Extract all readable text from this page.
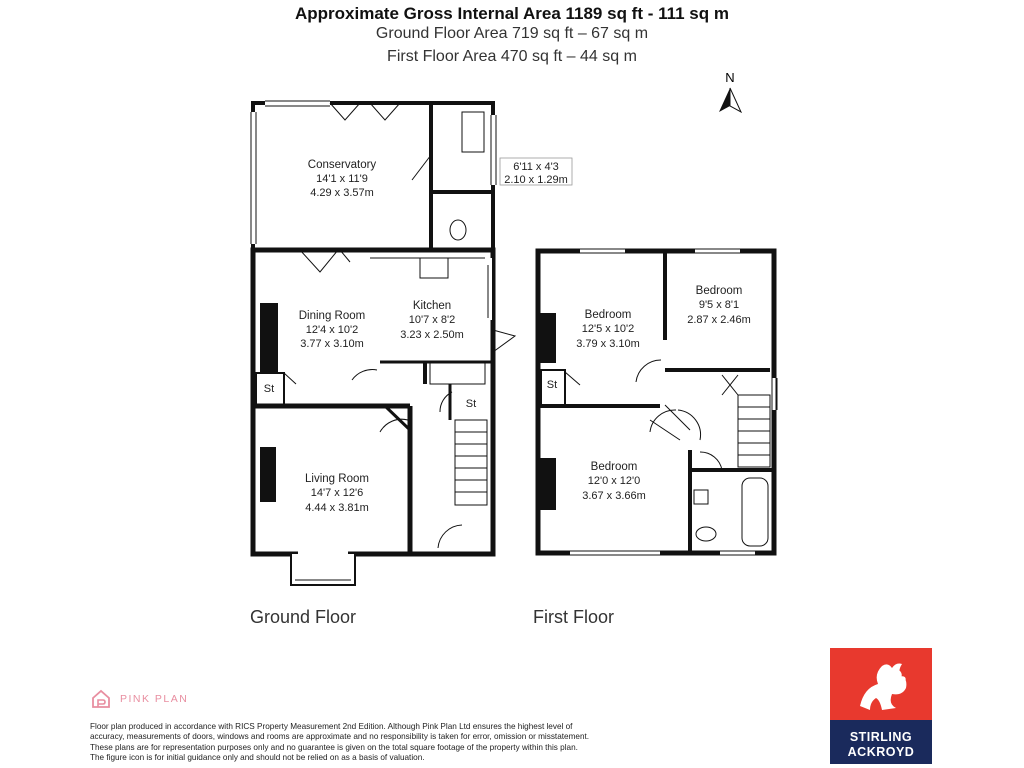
Approximate Gross Internal Area 1189 sq ft - 111 sq m
Ground Floor Area 719 sq ft – 67 sq m
First Floor Area 470 sq ft – 44 sq m
N
Conservatory
14'1 x 11'9
4.29 x 3.57m
6'11 x 4'3
2.10 x 1.29m
Dining Room
12'4 x 10'2
3.77 x 3.10m
Kitchen
10'7 x 8'2
3.23 x 2.50m
Living Room
14'7 x 12'6
4.44 x 3.81m
St
St
Bedroom
12'5 x 10'2
3.79 x 3.10m
Bedroom
9'5 x 8'1
2.87 x 2.46m
Bedroom
12'0 x 12'0
3.67 x 3.66m
St
Ground Floor	First Floor
PINK PLAN
Floor plan produced in accordance with RICS Property Measurement 2nd Edition. Although Pink Plan Ltd ensures the highest level of accuracy, measurements of doors, windows and rooms are approximate and no responsibility is taken for error, omission or misstatement. These plans are for representation purposes only and no guarantee is given on the total square footage of the property within this plan. The figure icon is for initial guidance only and should not be relied on as a basis of valuation.
STIRLING
ACKROYD
